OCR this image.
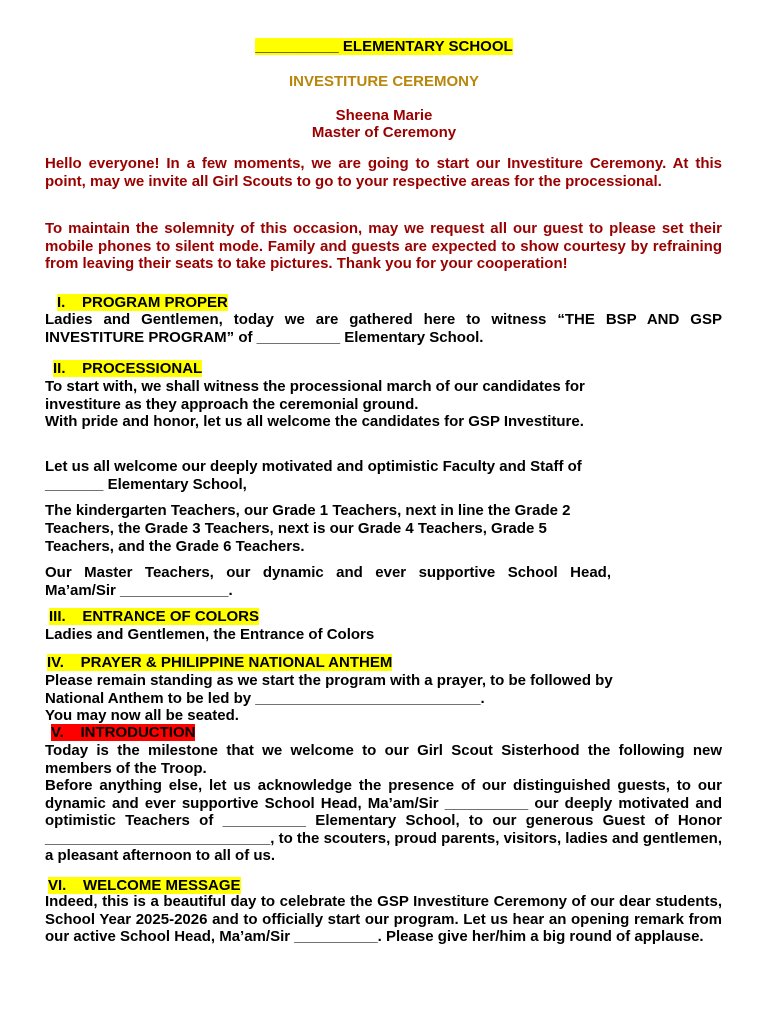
__________ ELEMENTARY SCHOOL
INVESTITURE CEREMONY
Sheena Marie
Master of Ceremony

Hello everyone! In a few moments, we are going to start our Investiture Ceremony. At this point, may we invite all Girl Scouts to go to your respective areas for the processional.

To maintain the solemnity of this occasion, may we request all our guest to please set their mobile phones to silent mode. Family and guests are expected to show courtesy by refraining from leaving their seats to take pictures. Thank you for your cooperation!

I.    PROGRAM PROPER

Ladies and Gentlemen, today we are gathered here to witness “THE BSP AND GSP INVESTITURE PROGRAM” of __________ Elementary School.

II.    PROCESSIONAL

To start with, we shall witness the processional march of our candidates for investiture as they approach the ceremonial ground.

With pride and honor, let us all welcome the candidates for GSP Investiture.

Let us all welcome our deeply motivated and optimistic Faculty and Staff of _______ Elementary School,

The kindergarten Teachers, our Grade 1 Teachers, next in line the Grade 2 Teachers, the Grade 3 Teachers, next is our Grade 4 Teachers, Grade 5 Teachers, and the Grade 6 Teachers.

Our Master Teachers, our dynamic and ever supportive School Head, Ma’am/Sir _____________.

III.    ENTRANCE OF COLORS

Ladies and Gentlemen, the Entrance of Colors

IV.    PRAYER & PHILIPPINE NATIONAL ANTHEM

Please remain standing as we start the program with a prayer, to be followed by National Anthem to be led by ___________________________.

You may now all be seated.

V.    INTRODUCTION

Today is the milestone that we welcome to our Girl Scout Sisterhood the following new members of the Troop.

Before anything else, let us acknowledge the presence of our distinguished guests, to our dynamic and ever supportive School Head, Ma’am/Sir __________ our deeply motivated and optimistic Teachers of __________ Elementary School, to our generous Guest of Honor ___________________________, to the scouters, proud parents, visitors, ladies and gentlemen, a pleasant afternoon to all of us.

VI.    WELCOME MESSAGE

Indeed, this is a beautiful day to celebrate the GSP Investiture Ceremony of our dear students, School Year 2025-2026 and to officially start our program. Let us hear an opening remark from our active School Head, Ma’am/Sir __________. Please give her/him a big round of applause.
